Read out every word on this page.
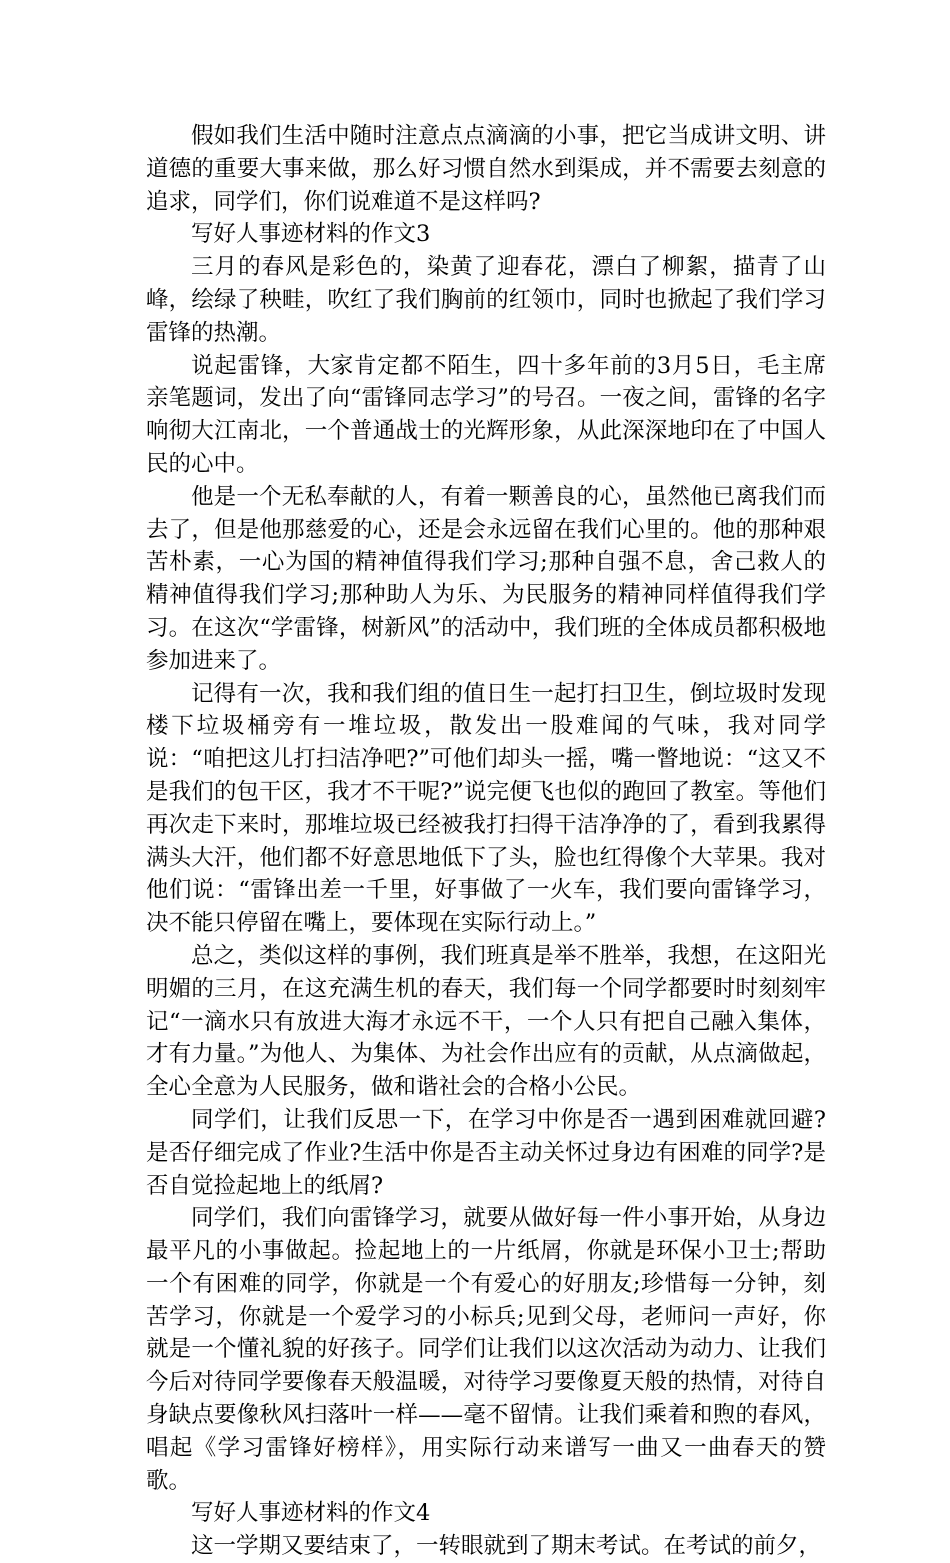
假如我们生活中随时注意点点滴滴的小事，把它当成讲文明、讲道德的重要大事来做，那么好习惯自然水到渠成，并不需要去刻意的追求，同学们，你们说难道不是这样吗?

写好人事迹材料的作文3

三月的春风是彩色的，染黄了迎春花，漂白了柳絮，描青了山峰，绘绿了秧畦，吹红了我们胸前的红领巾，同时也掀起了我们学习雷锋的热潮。

说起雷锋，大家肯定都不陌生，四十多年前的3月5日，毛主席亲笔题词，发出了向“雷锋同志学习”的号召。一夜之间，雷锋的名字响彻大江南北，一个普通战士的光辉形象，从此深深地印在了中国人民的心中。

他是一个无私奉献的人，有着一颗善良的心，虽然他已离我们而去了，但是他那慈爱的心，还是会永远留在我们心里的。他的那种艰苦朴素，一心为国的精神值得我们学习;那种自强不息，舍己救人的精神值得我们学习;那种助人为乐、为民服务的精神同样值得我们学习。在这次“学雷锋，树新风”的活动中，我们班的全体成员都积极地参加进来了。

记得有一次，我和我们组的值日生一起打扫卫生，倒垃圾时发现楼下垃圾桶旁有一堆垃圾，散发出一股难闻的气味，我对同学说：“咱把这儿打扫洁净吧?”可他们却头一摇，嘴一瞥地说：“这又不是我们的包干区，我才不干呢?”说完便飞也似的跑回了教室。等他们再次走下来时，那堆垃圾已经被我打扫得干洁净净的了，看到我累得满头大汗，他们都不好意思地低下了头，脸也红得像个大苹果。我对他们说：“雷锋出差一千里，好事做了一火车，我们要向雷锋学习，决不能只停留在嘴上，要体现在实际行动上。”

总之，类似这样的事例，我们班真是举不胜举，我想，在这阳光明媚的三月，在这充满生机的春天，我们每一个同学都要时时刻刻牢记“一滴水只有放进大海才永远不干，一个人只有把自己融入集体，才有力量。”为他人、为集体、为社会作出应有的贡献，从点滴做起，全心全意为人民服务，做和谐社会的合格小公民。

同学们，让我们反思一下，在学习中你是否一遇到困难就回避?是否仔细完成了作业?生活中你是否主动关怀过身边有困难的同学?是否自觉捡起地上的纸屑?

同学们，我们向雷锋学习，就要从做好每一件小事开始，从身边最平凡的小事做起。捡起地上的一片纸屑，你就是环保小卫士;帮助一个有困难的同学，你就是一个有爱心的好朋友;珍惜每一分钟，刻苦学习，你就是一个爱学习的小标兵;见到父母，老师问一声好，你就是一个懂礼貌的好孩子。同学们让我们以这次活动为动力、让我们今后对待同学要像春天般温暖，对待学习要像夏天般的热情，对待自身缺点要像秋风扫落叶一样——毫不留情。让我们乘着和煦的春风，唱起《学习雷锋好榜样》，用实际行动来谱写一曲又一曲春天的赞歌。

写好人事迹材料的作文4

这一学期又要结束了，一转眼就到了期末考试。在考试的前夕，
